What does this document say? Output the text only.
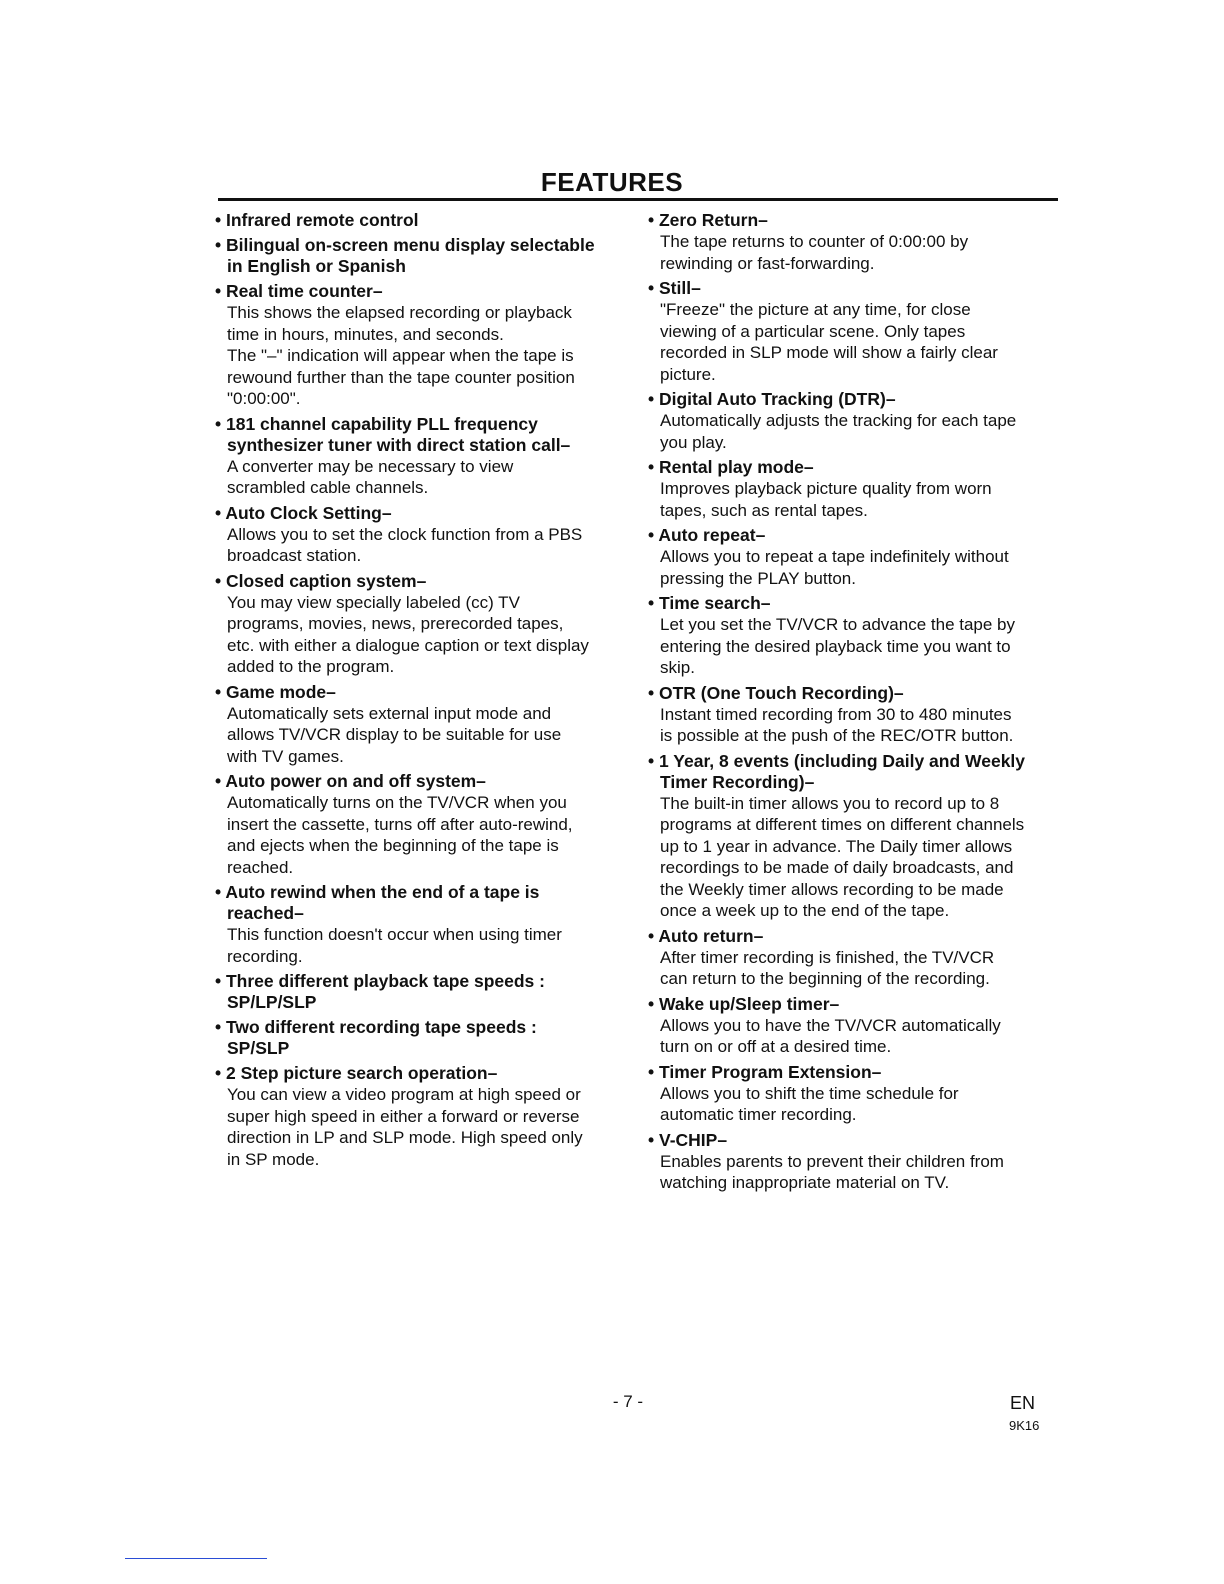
FEATURES
• Infrared remote control
• Bilingual on-screen menu display selectable
in English or Spanish
• Real time counter–
This shows the elapsed recording or playback
time in hours, minutes, and seconds.
The "–" indication will appear when the tape is
rewound further than the tape counter position
"0:00:00".
• 181 channel capability PLL frequency
synthesizer tuner with direct station call–
A converter may be necessary to view
scrambled cable channels.
• Auto Clock Setting–
Allows you to set the clock function from a PBS
broadcast station.
• Closed caption system–
You may view specially labeled (cc) TV
programs, movies, news, prerecorded tapes,
etc. with either a dialogue caption or text display
added to the program.
• Game mode–
Automatically sets external input mode and
allows TV/VCR display to be suitable for use
with TV games.
• Auto power on and off system–
Automatically turns on the TV/VCR when you
insert the cassette, turns off after auto-rewind,
and ejects when the beginning of the tape is
reached.
• Auto rewind when the end of a tape is
reached–
This function doesn't occur when using timer
recording.
• Three different playback tape speeds :
SP/LP/SLP
• Two different recording tape speeds :
SP/SLP
• 2 Step picture search operation–
You can view a video program at high speed or
super high speed in either a forward or reverse
direction in LP and SLP mode. High speed only
in SP mode.
• Zero Return–
The tape returns to counter of 0:00:00 by
rewinding or fast-forwarding.
• Still–
"Freeze" the picture at any time, for close
viewing of a particular scene. Only tapes
recorded in SLP mode will show a fairly clear
picture.
• Digital Auto Tracking (DTR)–
Automatically adjusts the tracking for each tape
you play.
• Rental play mode–
Improves playback picture quality from worn
tapes, such as rental tapes.
• Auto repeat–
Allows you to repeat a tape indefinitely without
pressing the PLAY button.
• Time search–
Let you set the TV/VCR to advance the tape by
entering the desired playback time you want to
skip.
• OTR (One Touch Recording)–
Instant timed recording from 30 to 480 minutes
is possible at the push of the REC/OTR button.
• 1 Year, 8 events (including Daily and Weekly
Timer Recording)–
The built-in timer allows you to record up to 8
programs at different times on different channels
up to 1 year in advance. The Daily timer allows
recordings to be made of daily broadcasts, and
the Weekly timer allows recording to be made
once a week up to the end of the tape.
• Auto return–
After timer recording is finished, the TV/VCR
can return to the beginning of the recording.
• Wake up/Sleep timer–
Allows you to have the TV/VCR automatically
turn on or off at a desired time.
• Timer Program Extension–
Allows you to shift the time schedule for
automatic timer recording.
• V-CHIP–
Enables parents to prevent their children from
watching inappropriate material on TV.
- 7 -	EN
9K16
